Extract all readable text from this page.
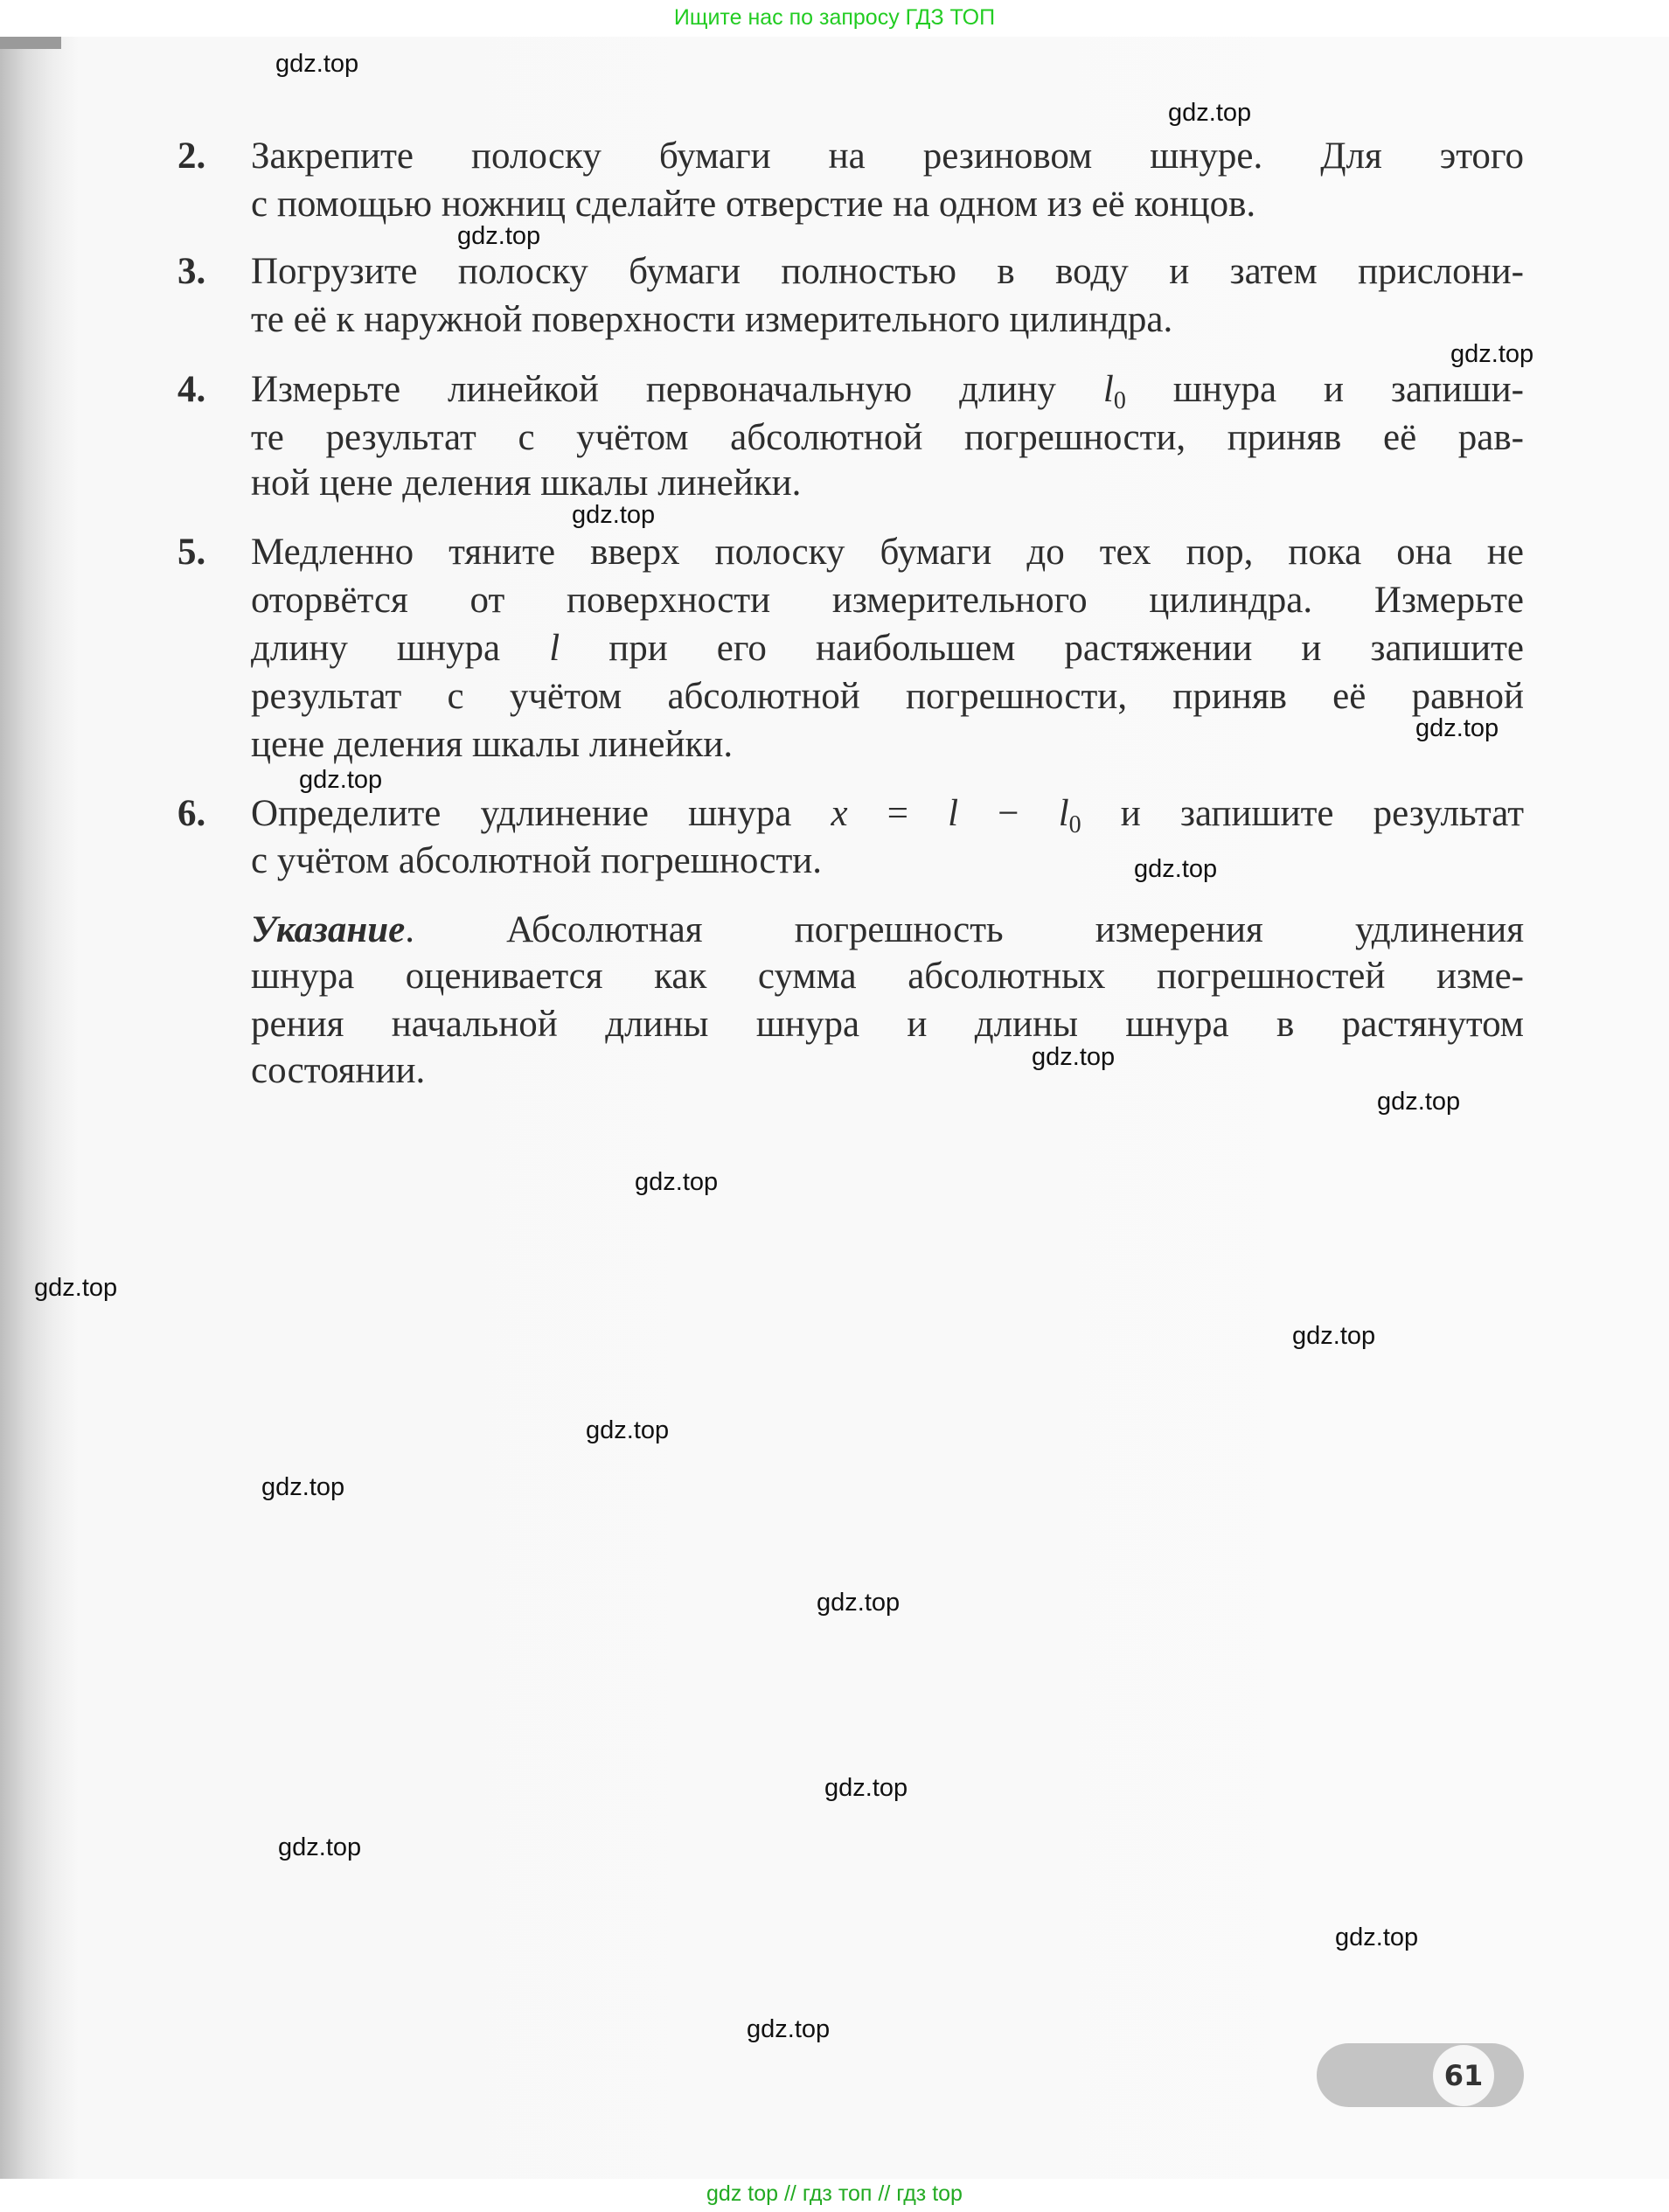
Ищите нас по запросу ГДЗ ТОП
2. Закрепите полоску бумаги на резиновом шнуре. Для этого
с помощью ножниц сделайте отверстие на одном из её концов.
3. Погрузите полоску бумаги полностью в воду и затем прислони-
те её к наружной поверхности измерительного цилиндра.
4. Измерьте линейкой первоначальную длину $l_0$ шнура и запиши-
те результат с учётом абсолютной погрешности, приняв её рав-
ной цене деления шкалы линейки.
5. Медленно тяните вверх полоску бумаги до тех пор, пока она не
оторвётся от поверхности измерительного цилиндра. Измерьте
длину шнура l при его наибольшем растяжении и запишите
результат с учётом абсолютной погрешности, приняв её равной
цене деления шкалы линейки.
6. Определите удлинение шнура $x = l - l_0$ и запишите результат
с учётом абсолютной погрешности.
Указание. Абсолютная погрешность измерения удлинения
шнура оценивается как сумма абсолютных погрешностей изме-
рения начальной длины шнура и длины шнура в растянутом
состоянии.
gdz.top
gdz.top
gdz.top
gdz.top
gdz.top
gdz.top
gdz.top
gdz.top
gdz.top
gdz.top
gdz.top
gdz.top
gdz.top
gdz.top
gdz.top
gdz.top
gdz.top
gdz.top
gdz.top
gdz.top
61
gdz top // гдз топ // гдз top
